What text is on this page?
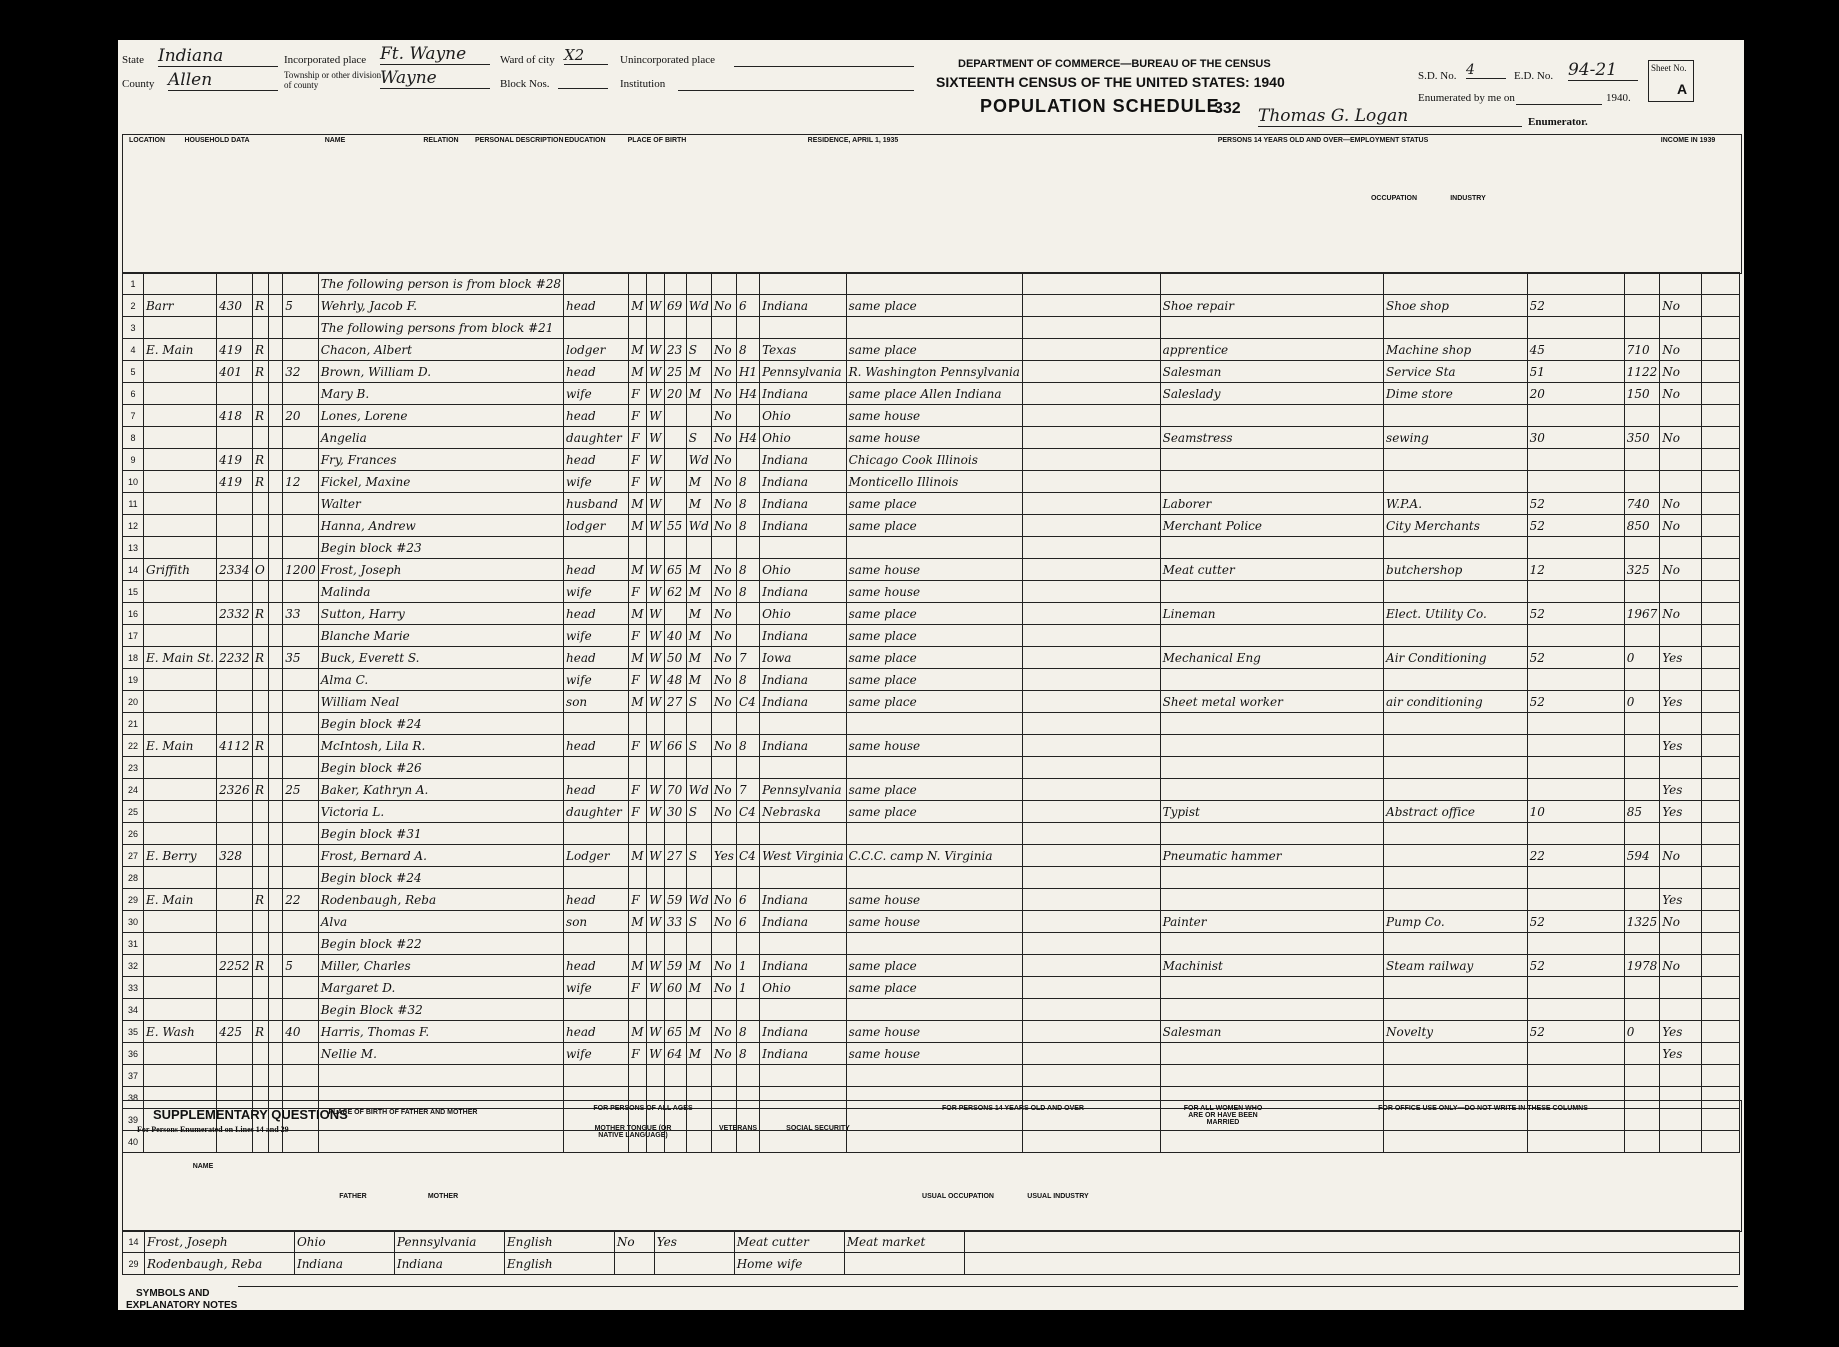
State Indiana
County Allen
Incorporated place Ft. Wayne
Township or other division of county	Wayne
Ward of city X2
Block Nos.
Unincorporated place
Institution
DEPARTMENT OF COMMERCE—BUREAU OF THE CENSUS
SIXTEENTH CENSUS OF THE UNITED STATES: 1940
POPULATION SCHEDULE
332
S.D. No. 4	E.D. No. 94-21	Sheet No.
A
Enumerated by me on	1940.
Thomas G. Logan	Enumerator.
LOCATION	HOUSEHOLD DATA	NAME	RELATION	PERSONAL DESCRIPTION EDUCATION	PLACE OF BIRTH	RESIDENCE, APRIL 1, 1935	PERSONS 14 YEARS OLD AND OVER—EMPLOYMENT STATUS
OCCUPATION	INDUSTRY
INCOME IN 1939
1						The following person is from block #28																
2	Barr	430	R		5	Wehrly, Jacob F.	head	M	W	69	Wd	No	6	Indiana	same place		Shoe repair	Shoe shop	52		No	
3						The following persons from block #21																
4	E. Main	419	R			Chacon, Albert	lodger	M	W	23	S	No	8	Texas	same place		apprentice	Machine shop	45	710	No	
5		401	R		32	Brown, William D.	head	M	W	25	M	No	H1	Pennsylvania	R. Washington Pennsylvania		Salesman	Service Sta	51	1122	No	
6						Mary B.	wife	F	W	20	M	No	H4	Indiana	same place Allen Indiana		Saleslady	Dime store	20	150	No	
7		418	R		20	Lones, Lorene	head	F	W			No		Ohio	same house							
8						Angelia	daughter	F	W		S	No	H4	Ohio	same house		Seamstress	sewing	30	350	No	
9		419	R			Fry, Frances	head	F	W		Wd	No		Indiana	Chicago Cook Illinois							
10		419	R		12	Fickel, Maxine	wife	F	W		M	No	8	Indiana	Monticello Illinois							
11						Walter	husband	M	W		M	No	8	Indiana	same place		Laborer	W.P.A.	52	740	No	
12						Hanna, Andrew	lodger	M	W	55	Wd	No	8	Indiana	same place		Merchant Police	City Merchants	52	850	No	
13						Begin block #23																
14	Griffith	2334	O		1200	Frost, Joseph	head	M	W	65	M	No	8	Ohio	same house		Meat cutter	butchershop	12	325	No	
15						Malinda	wife	F	W	62	M	No	8	Indiana	same house							
16		2332	R		33	Sutton, Harry	head	M	W		M	No		Ohio	same place		Lineman	Elect. Utility Co.	52	1967	No	
17						Blanche Marie	wife	F	W	40	M	No		Indiana	same place							
18	E. Main St.	2232	R		35	Buck, Everett S.	head	M	W	50	M	No	7	Iowa	same place		Mechanical Eng	Air Conditioning	52	0	Yes	
19						Alma C.	wife	F	W	48	M	No	8	Indiana	same place							
20						William Neal	son	M	W	27	S	No	C4	Indiana	same place		Sheet metal worker	air conditioning	52	0	Yes	
21						Begin block #24																
22	E. Main	4112	R			McIntosh, Lila R.	head	F	W	66	S	No	8	Indiana	same house						Yes	
23						Begin block #26																
24		2326	R		25	Baker, Kathryn A.	head	F	W	70	Wd	No	7	Pennsylvania	same place						Yes	
25						Victoria L.	daughter	F	W	30	S	No	C4	Nebraska	same place		Typist	Abstract office	10	85	Yes	
26						Begin block #31																
27	E. Berry	328				Frost, Bernard A.	Lodger	M	W	27	S	Yes	C4	West Virginia	C.C.C. camp N. Virginia		Pneumatic hammer		22	594	No	
28						Begin block #24																
29	E. Main		R		22	Rodenbaugh, Reba	head	F	W	59	Wd	No	6	Indiana	same house						Yes	
30						Alva	son	M	W	33	S	No	6	Indiana	same house		Painter	Pump Co.	52	1325	No	
31						Begin block #22																
32		2252	R		5	Miller, Charles	head	M	W	59	M	No	1	Indiana	same place		Machinist	Steam railway	52	1978	No	
33						Margaret D.	wife	F	W	60	M	No	1	Ohio	same place							
34						Begin Block #32																
35	E. Wash	425	R		40	Harris, Thomas F.	head	M	W	65	M	No	8	Indiana	same house		Salesman	Novelty	52	0	Yes	
36						Nellie M.	wife	F	W	64	M	No	8	Indiana	same house						Yes	
37																						
38																						
39																						
40																						
SUPPLEMENTARY QUESTIONS
For Persons Enumerated on Lines 14 and 29
NAME
PLACE OF BIRTH OF FATHER AND MOTHER
FATHER	MOTHER
FOR PERSONS OF ALL AGES
MOTHER TONGUE (OR NATIVE LANGUAGE)
VETERANS	SOCIAL SECURITY
FOR PERSONS 14 YEARS OLD AND OVER
USUAL OCCUPATION	USUAL INDUSTRY
FOR ALL WOMEN WHO ARE OR HAVE BEEN MARRIED
FOR OFFICE USE ONLY—DO NOT WRITE IN THESE COLUMNS
14	Frost, Joseph	Ohio	Pennsylvania	English	No	Yes	Meat cutter	Meat market	
29	Rodenbaugh, Reba	Indiana	Indiana	English			Home wife		
SYMBOLS AND
EXPLANATORY NOTES
